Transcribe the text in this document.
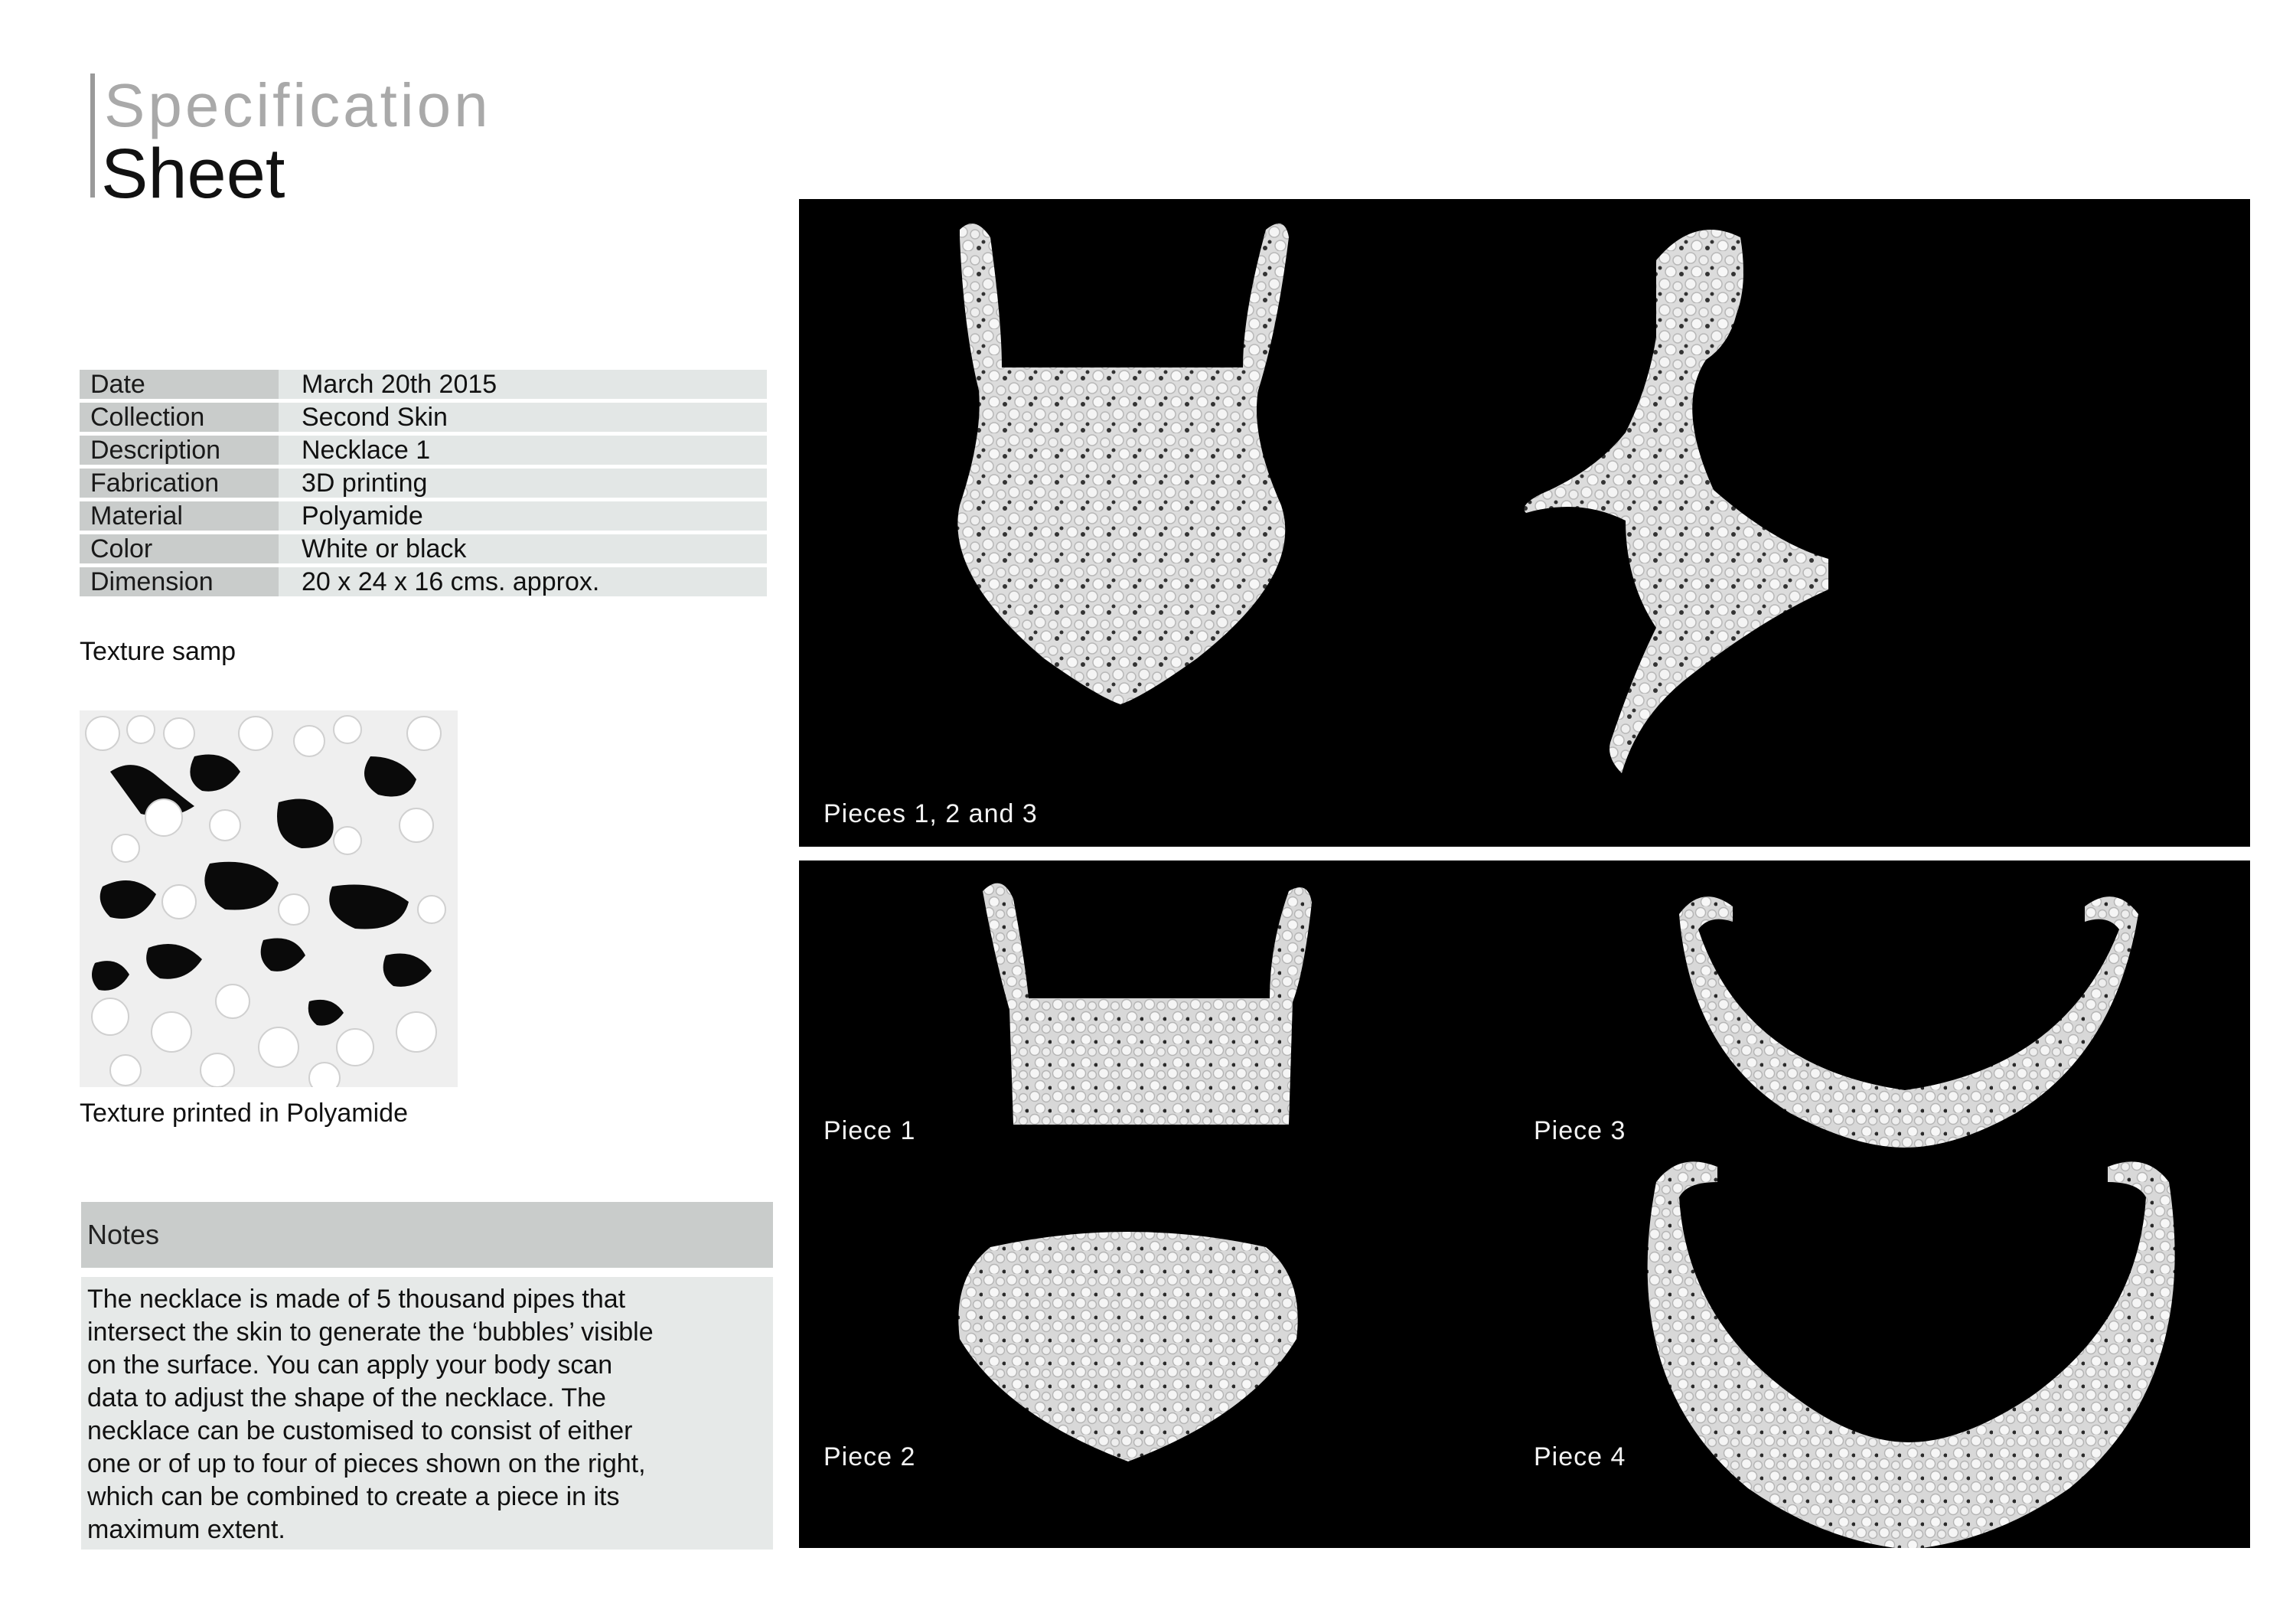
Specification
Sheet
Date	March 20th 2015
Collection	Second Skin
Description	Necklace 1
Fabrication	3D printing
Material	Polyamide
Color	White or black
Dimension	20 x 24 x 16 cms. approx.
Texture samp
Texture printed in Polyamide
Notes

The necklace is made of 5 thousand pipes that
intersect the skin to generate the ‘bubbles’ visible
on the surface. You can apply your body scan
data to adjust the shape of the necklace. The
necklace can be customised to consist of either
one or of up to four of pieces shown on the right,
which can be combined to create a piece in its
maximum extent.

Pieces 1, 2 and 3
Piece 1
Piece 2
Piece 3
Piece 4
